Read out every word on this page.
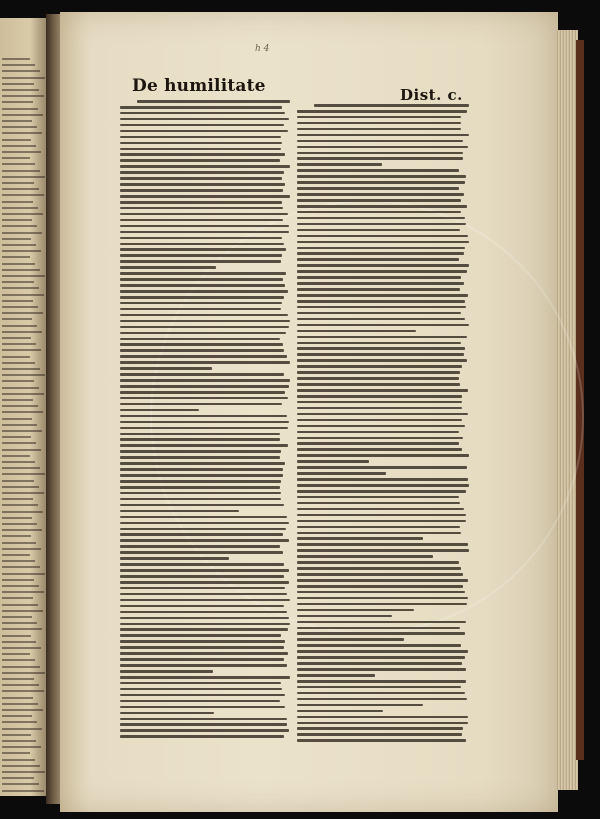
h 4
De humilitate	Dist. c.
